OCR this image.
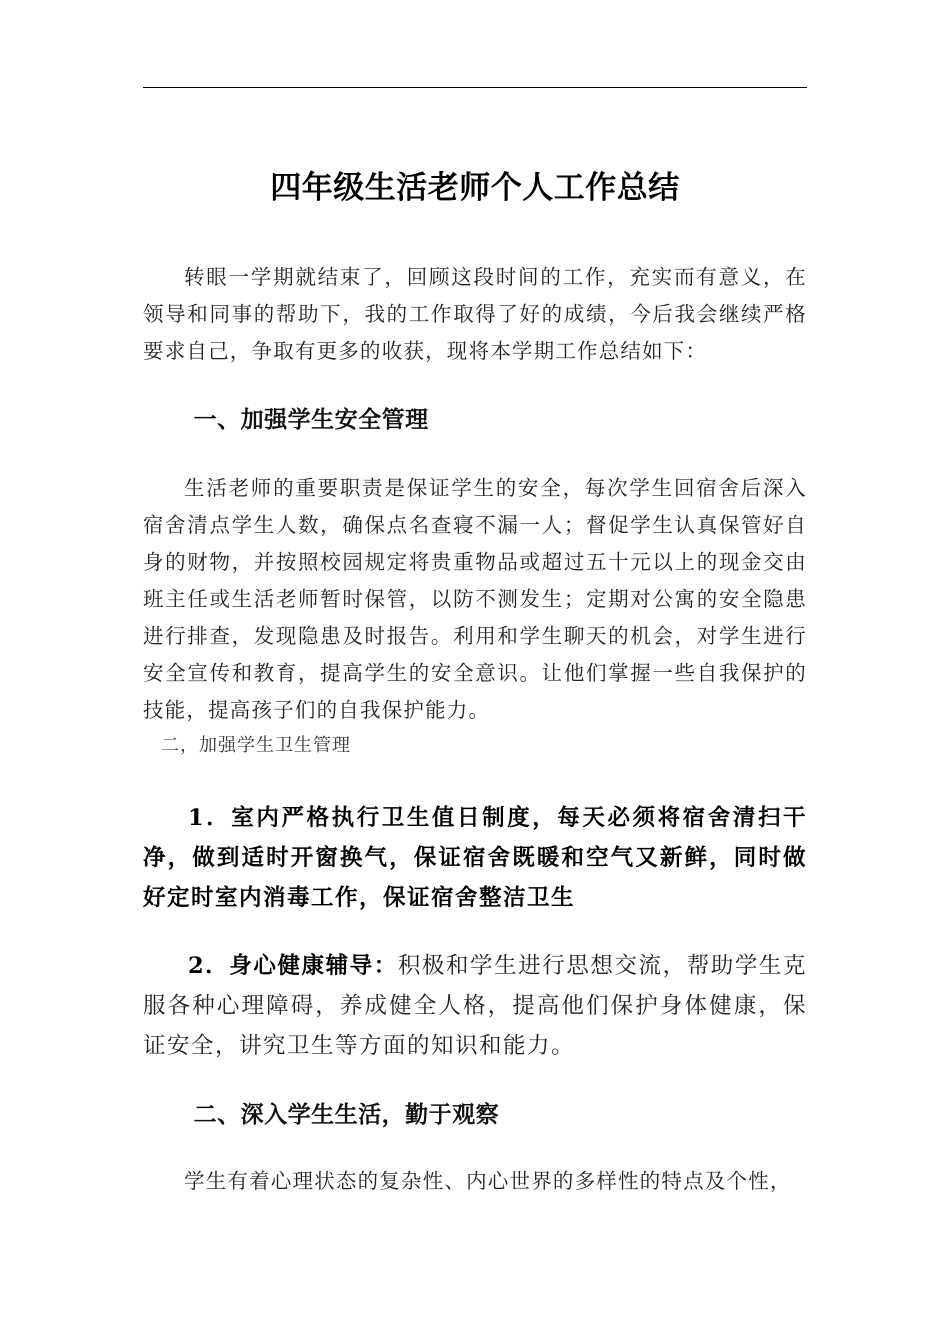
四年级生活老师个人工作总结

转眼一学期就结束了，回顾这段时间的工作，充实而有意义，在领导和同事的帮助下，我的工作取得了好的成绩，今后我会继续严格要求自己，争取有更多的收获，现将本学期工作总结如下：

一、加强学生安全管理

生活老师的重要职责是保证学生的安全，每次学生回宿舍后深入宿舍清点学生人数，确保点名查寝不漏一人；督促学生认真保管好自身的财物，并按照校园规定将贵重物品或超过五十元以上的现金交由班主任或生活老师暂时保管，以防不测发生；定期对公寓的安全隐患进行排查，发现隐患及时报告。利用和学生聊天的机会，对学生进行安全宣传和教育，提高学生的安全意识。让他们掌握一些自我保护的技能，提高孩子们的自我保护能力。

二，加强学生卫生管理

1．室内严格执行卫生值日制度，每天必须将宿舍清扫干净，做到适时开窗换气，保证宿舍既暖和空气又新鲜，同时做好定时室内消毒工作，保证宿舍整洁卫生

2．身心健康辅导：积极和学生进行思想交流，帮助学生克服各种心理障碍，养成健全人格，提高他们保护身体健康，保证安全，讲究卫生等方面的知识和能力。

二、深入学生生活，勤于观察

学生有着心理状态的复杂性、内心世界的多样性的特点及个性，
